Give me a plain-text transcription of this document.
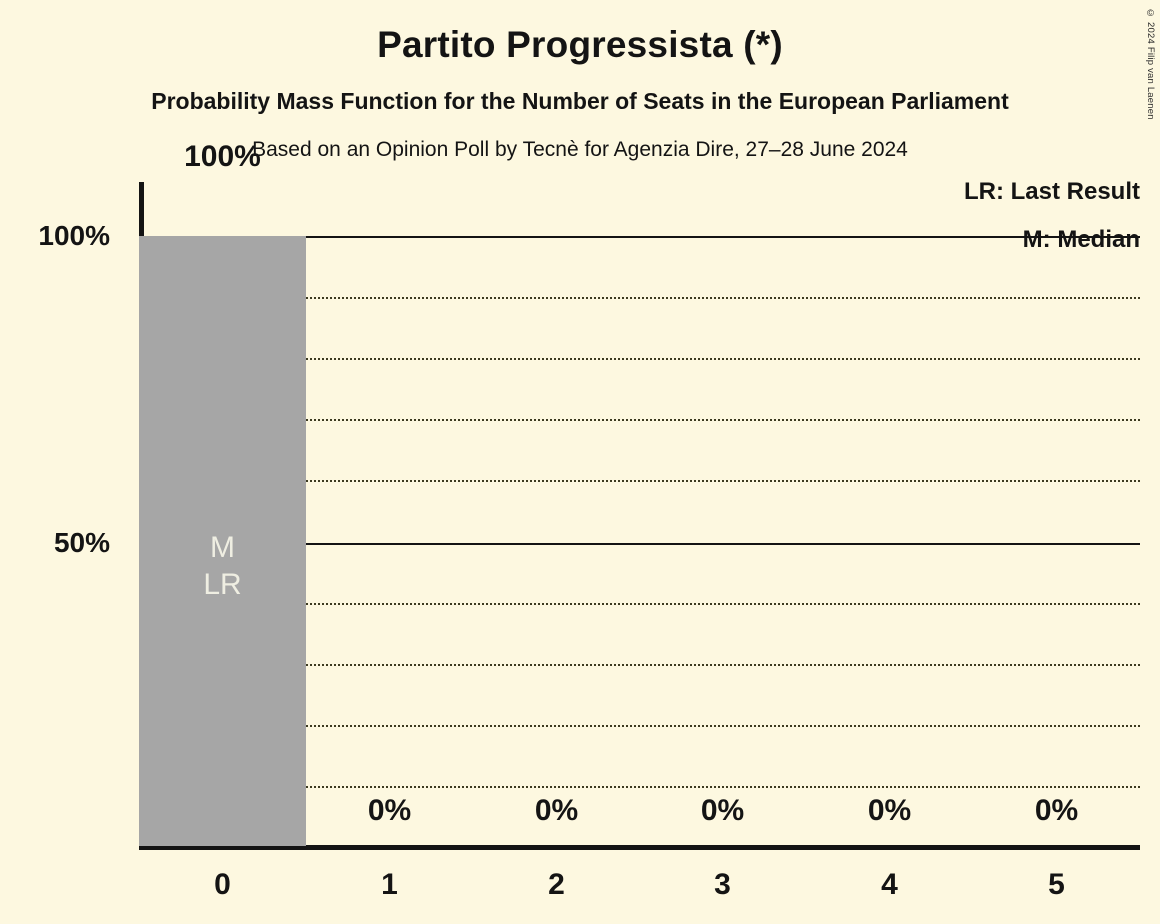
© 2024 Filip van Laenen
Partito Progressista (*)
Probability Mass Function for the Number of Seats in the European Parliament
Based on an Opinion Poll by Tecnè for Agenzia Dire, 27–28 June 2024
LR: Last Result
M: Median
M
LR
100%
0%	0%	0%	0%	0%
100%
50%
0	1	2	3	4	5
